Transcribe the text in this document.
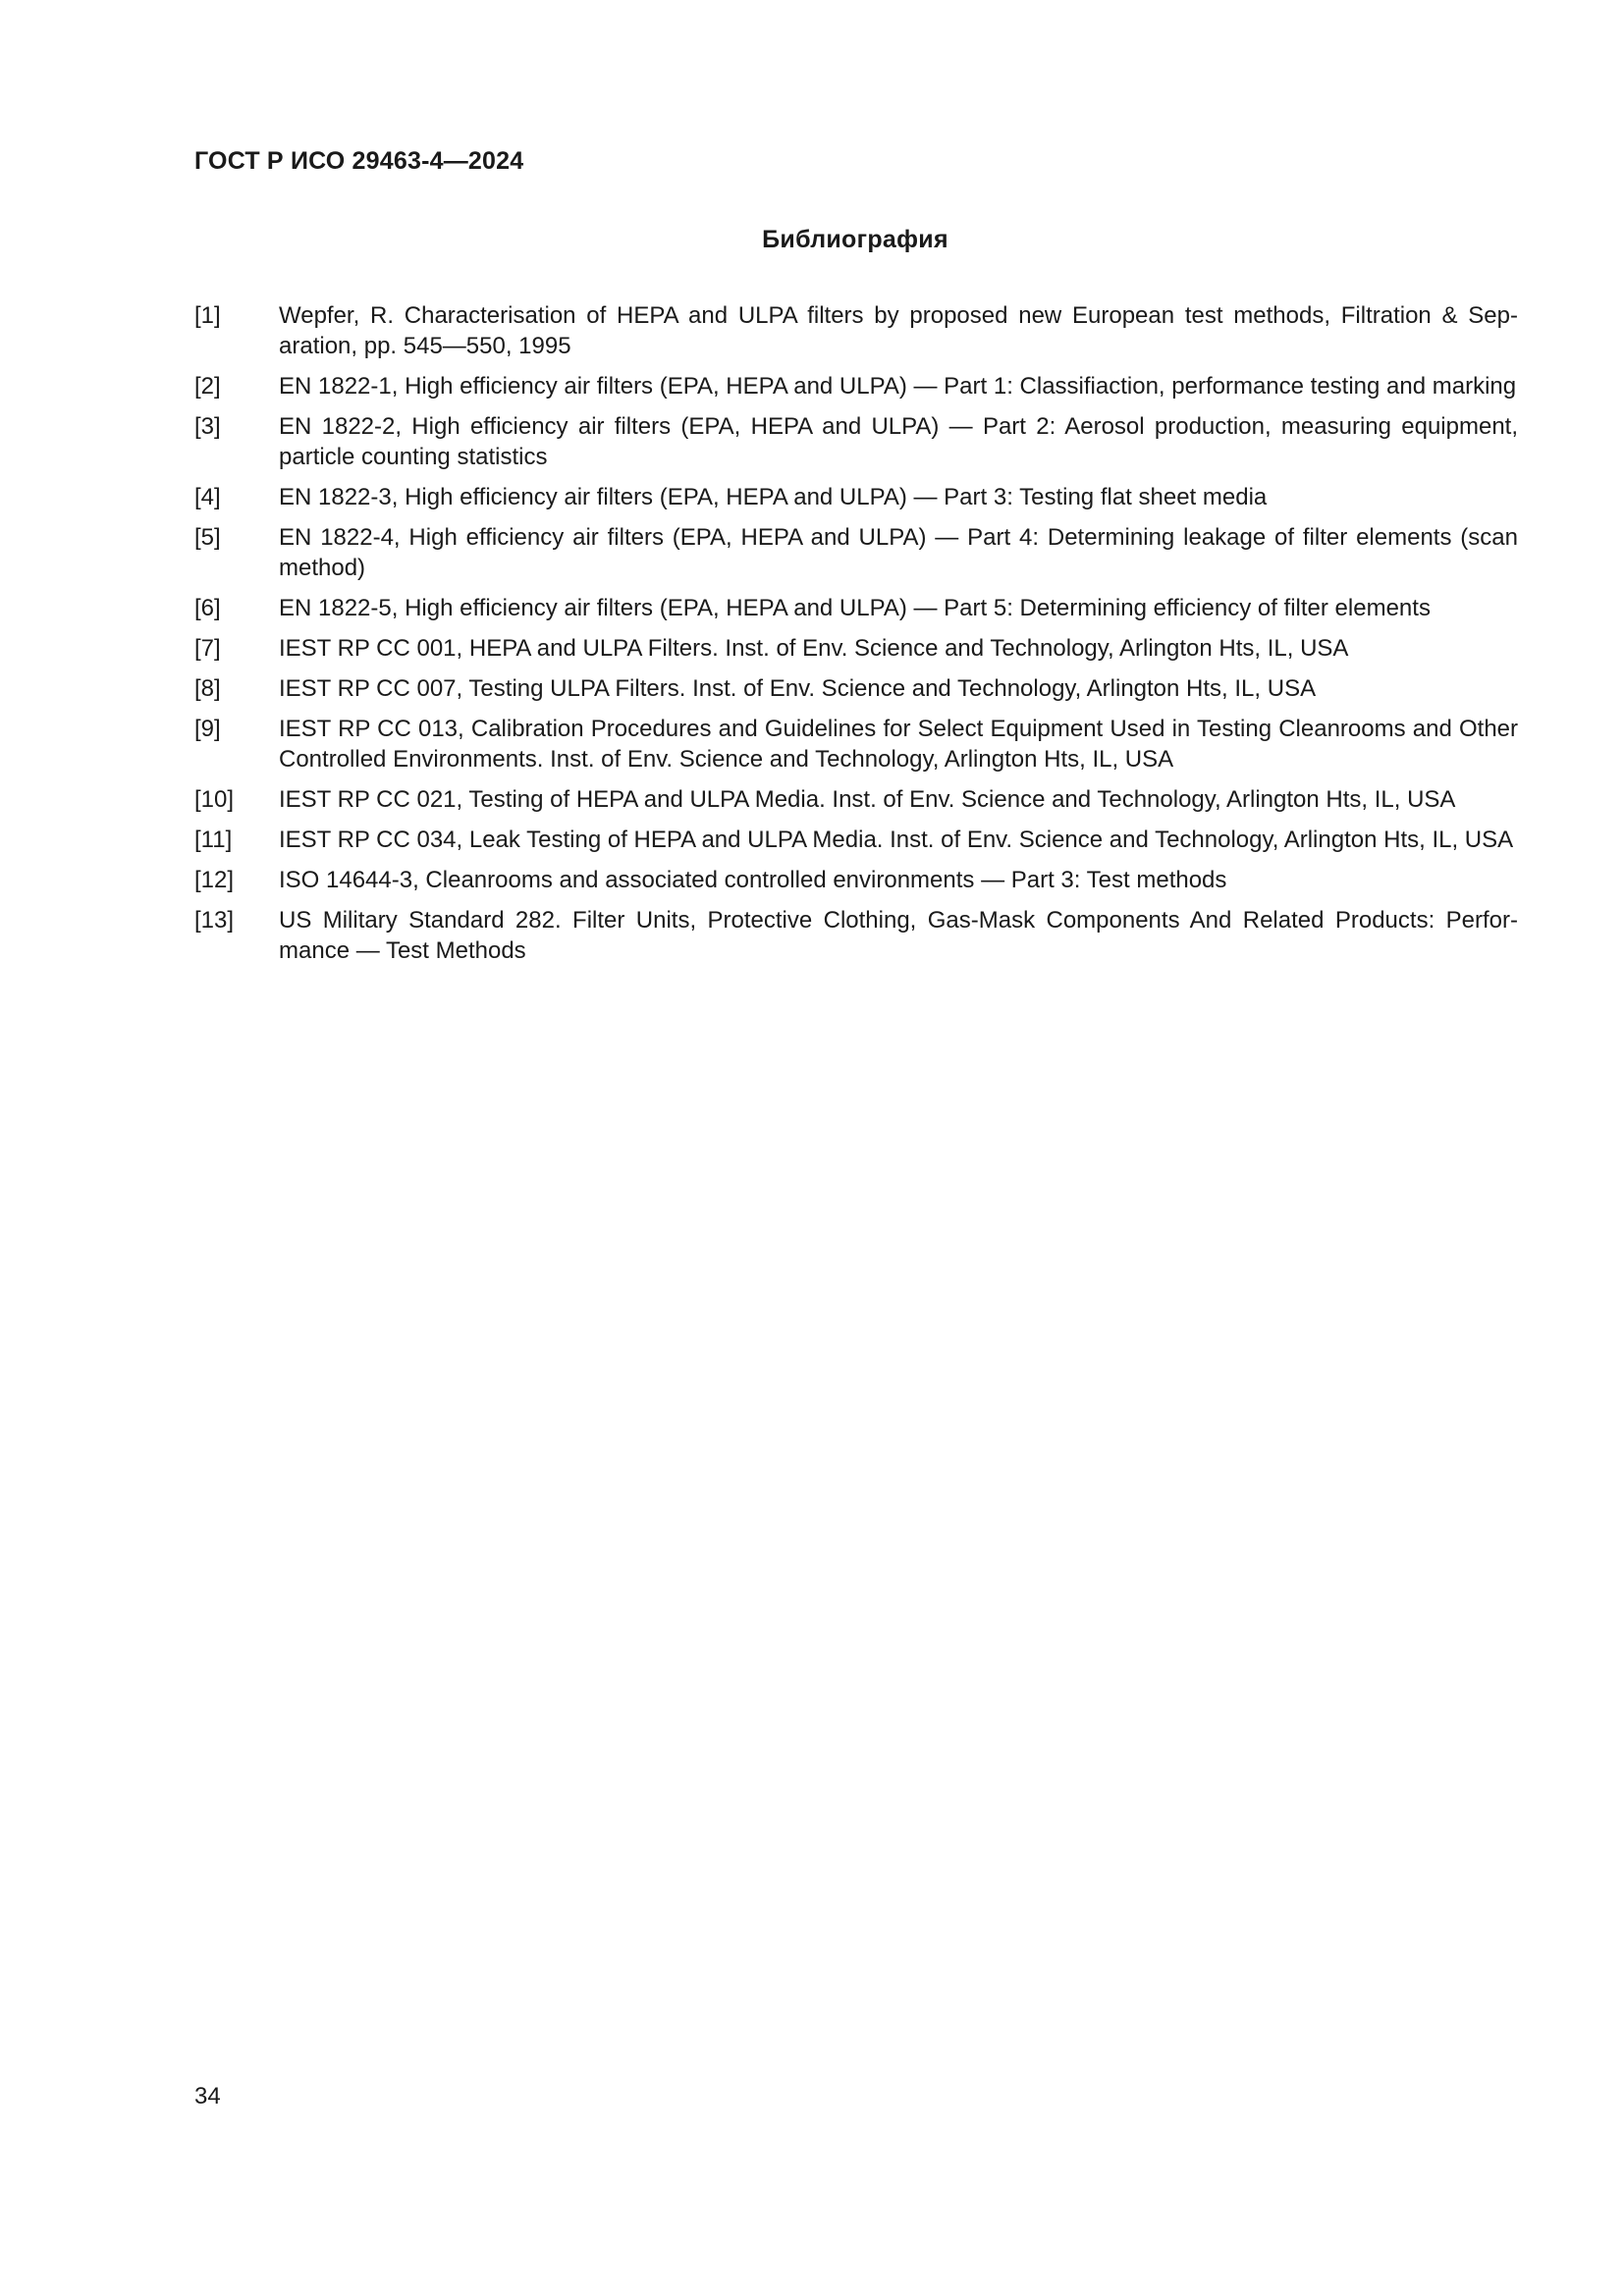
ГОСТ Р ИСО 29463-4—2024
Библиография
[1]	Wepfer, R. Characterisation of HEPA and ULPA filters by proposed new European test methods, Filtration & Separation, pp. 545—550, 1995
[2]	EN 1822-1, High efficiency air filters (EPA, HEPA and ULPA) — Part 1: Classifiaction, performance testing and marking
[3]	EN 1822-2, High efficiency air filters (EPA, HEPA and ULPA) — Part 2: Aerosol production, measuring equipment, particle counting statistics
[4]	EN 1822-3, High efficiency air filters (EPA, HEPA and ULPA) — Part 3: Testing flat sheet media
[5]	EN 1822-4, High efficiency air filters (EPA, HEPA and ULPA) — Part 4: Determining leakage of filter elements (scan method)
[6]	EN 1822-5, High efficiency air filters (EPA, HEPA and ULPA) — Part 5: Determining efficiency of filter elements
[7]	IEST RP CC 001, HEPA and ULPA Filters. Inst. of Env. Science and Technology, Arlington Hts, IL, USA
[8]	IEST RP CC 007, Testing ULPA Filters. Inst. of Env. Science and Technology, Arlington Hts, IL, USA
[9]	IEST RP CC 013, Calibration Procedures and Guidelines for Select Equipment Used in Testing Cleanrooms and Other Controlled Environments. Inst. of Env. Science and Technology, Arlington Hts, IL, USA
[10]	IEST RP CC 021, Testing of HEPA and ULPA Media. Inst. of Env. Science and Technology, Arlington Hts, IL, USA
[11]	IEST RP CC 034, Leak Testing of HEPA and ULPA Media. Inst. of Env. Science and Technology, Arlington Hts, IL, USA
[12]	ISO 14644-3, Cleanrooms and associated controlled environments — Part 3: Test methods
[13]	US Military Standard 282. Filter Units, Protective Clothing, Gas-Mask Components And Related Products: Performance — Test Methods
34
